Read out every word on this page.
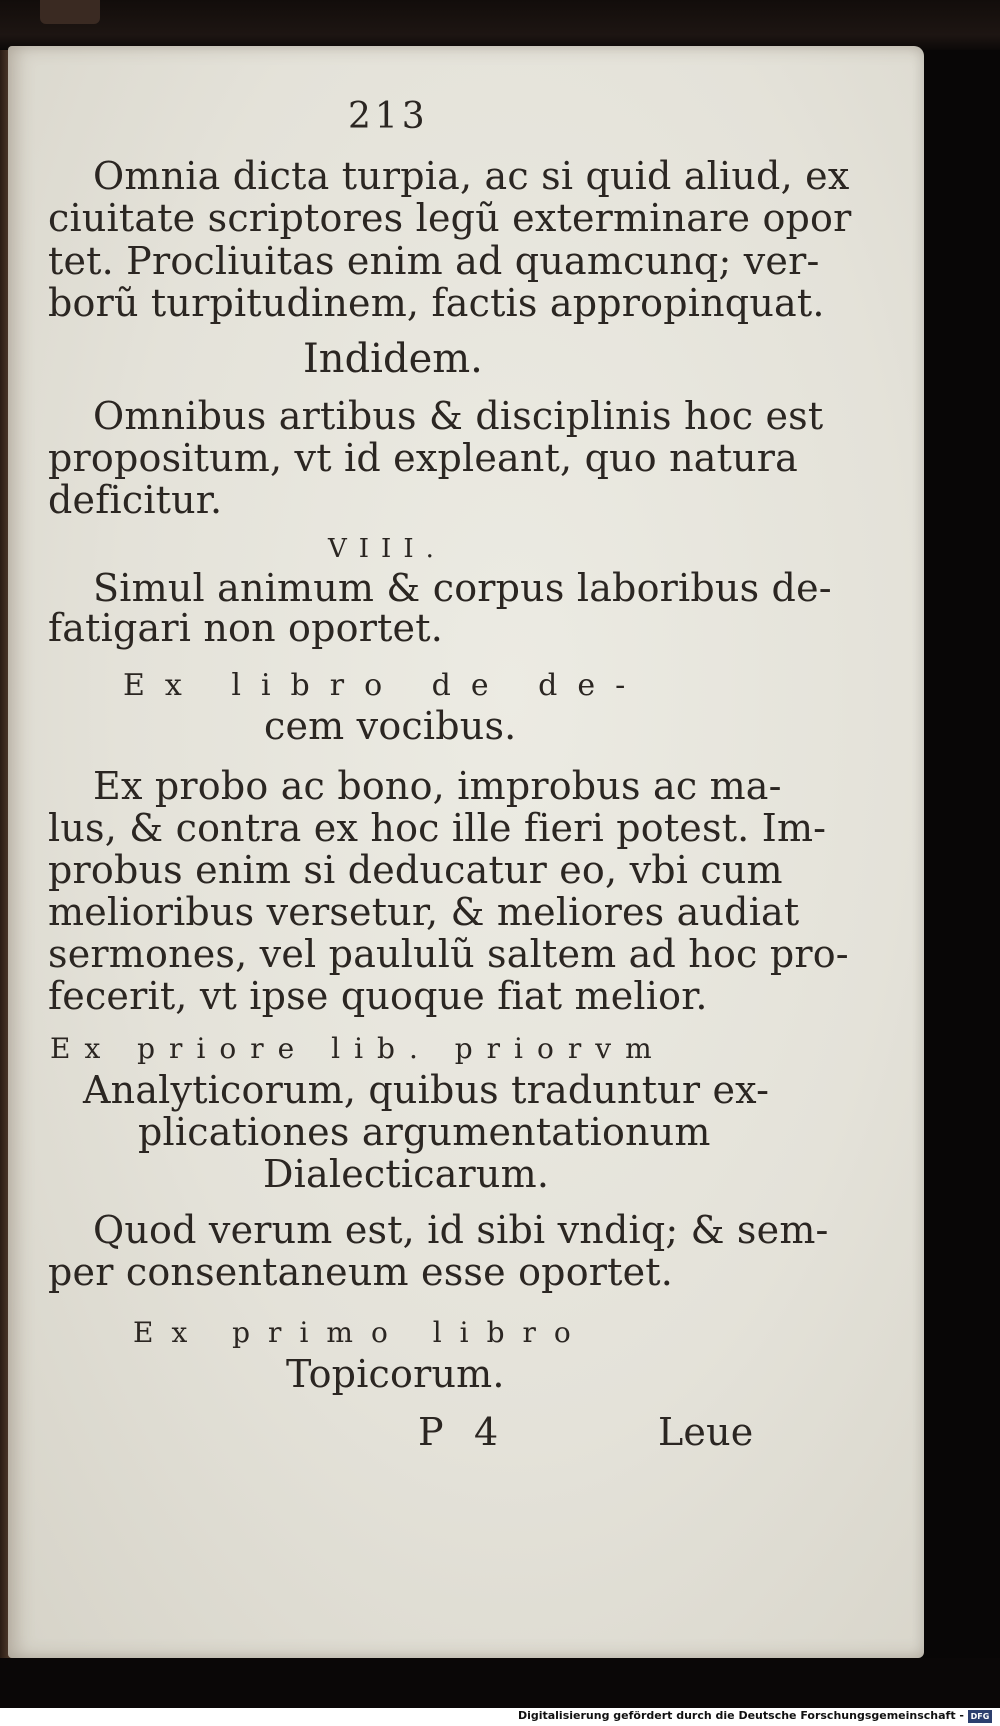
213
Omnia dicta turpia, ac si quid aliud, ex
ciuitate scriptores legũ exterminare opor
tet. Procliuitas enim ad quamcunq; ver-
borũ turpitudinem, factis appropinquat.
Indidem.
Omnibus artibus & disciplinis hoc est
propositum, vt id expleant, quo natura
deficitur.
VIII.
Simul animum & corpus laboribus de-
fatigari non oportet.
Ex libro de de-
cem vocibus.
Ex probo ac bono, improbus ac ma-
lus, & contra ex hoc ille fieri potest. Im-
probus enim si deducatur eo, vbi cum
melioribus versetur, & meliores audiat
sermones, vel paululũ saltem ad hoc pro-
fecerit, vt ipse quoque fiat melior.
Ex priore lib. priorvm
Analyticorum, quibus traduntur ex-
plicationes argumentationum
Dialecticarum.
Quod verum est, id sibi vndiq; & sem-
per consentaneum esse oportet.
Ex primo libro
Topicorum.
P 4	Leue
Digitalisierung gefördert durch die Deutsche Forschungsgemeinschaft - DFG
